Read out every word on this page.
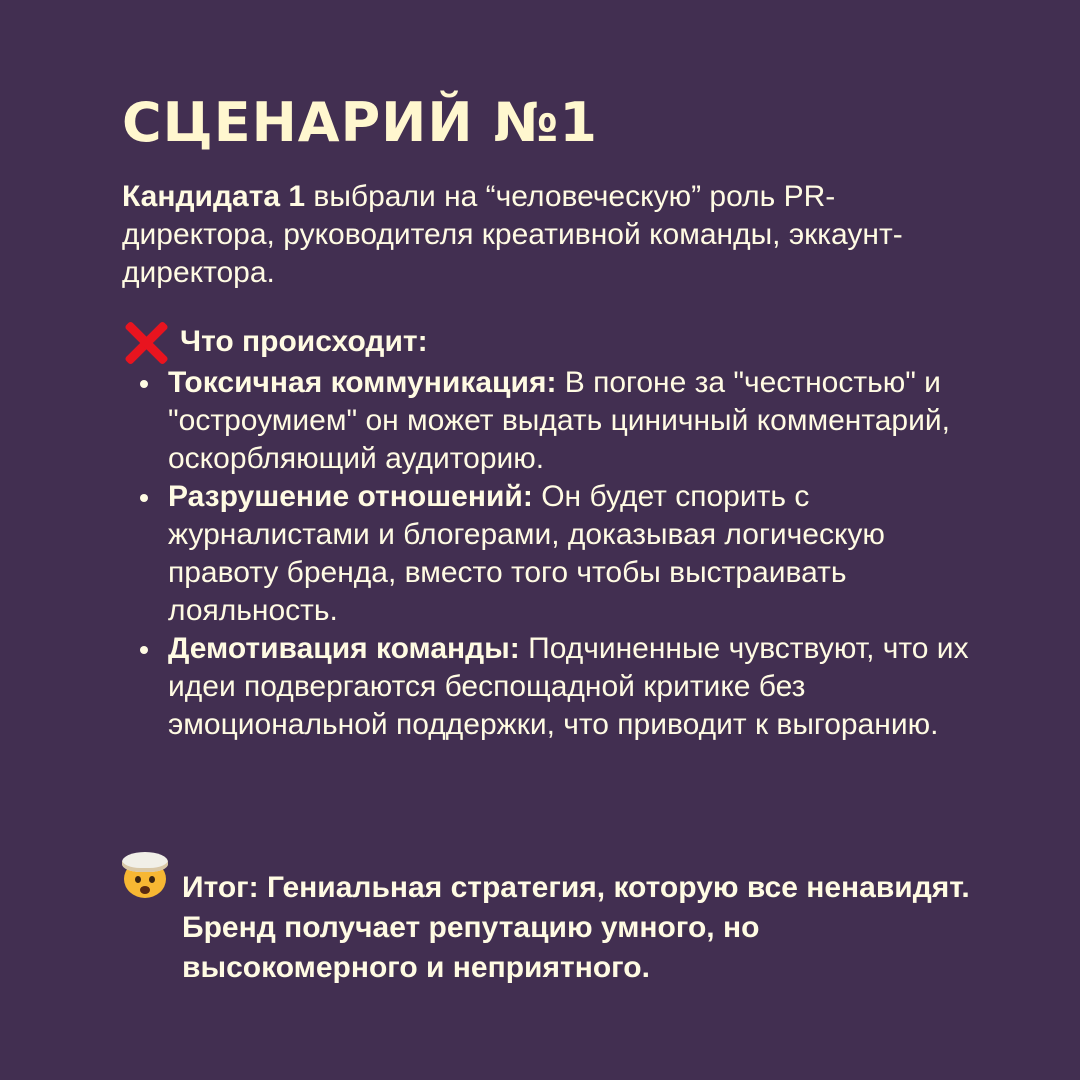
СЦЕНАРИЙ №1

Кандидата 1 выбрали на “человеческую” роль PR-директора, руководителя креативной команды, эккаунт-директора.

Что происходит:
Токсичная коммуникация: В погоне за "честностью" и "остроумием" он может выдать циничный комментарий, оскорбляющий аудиторию.
Разрушение отношений: Он будет спорить с журналистами и блогерами, доказывая логическую правоту бренда, вместо того чтобы выстраивать лояльность.
Демотивация команды: Подчиненные чувствуют, что их идеи подвергаются беспощадной критике без эмоциональной поддержки, что приводит к выгоранию.

Итог: Гениальная стратегия, которую все ненавидят. Бренд получает репутацию умного, но высокомерного и неприятного.
